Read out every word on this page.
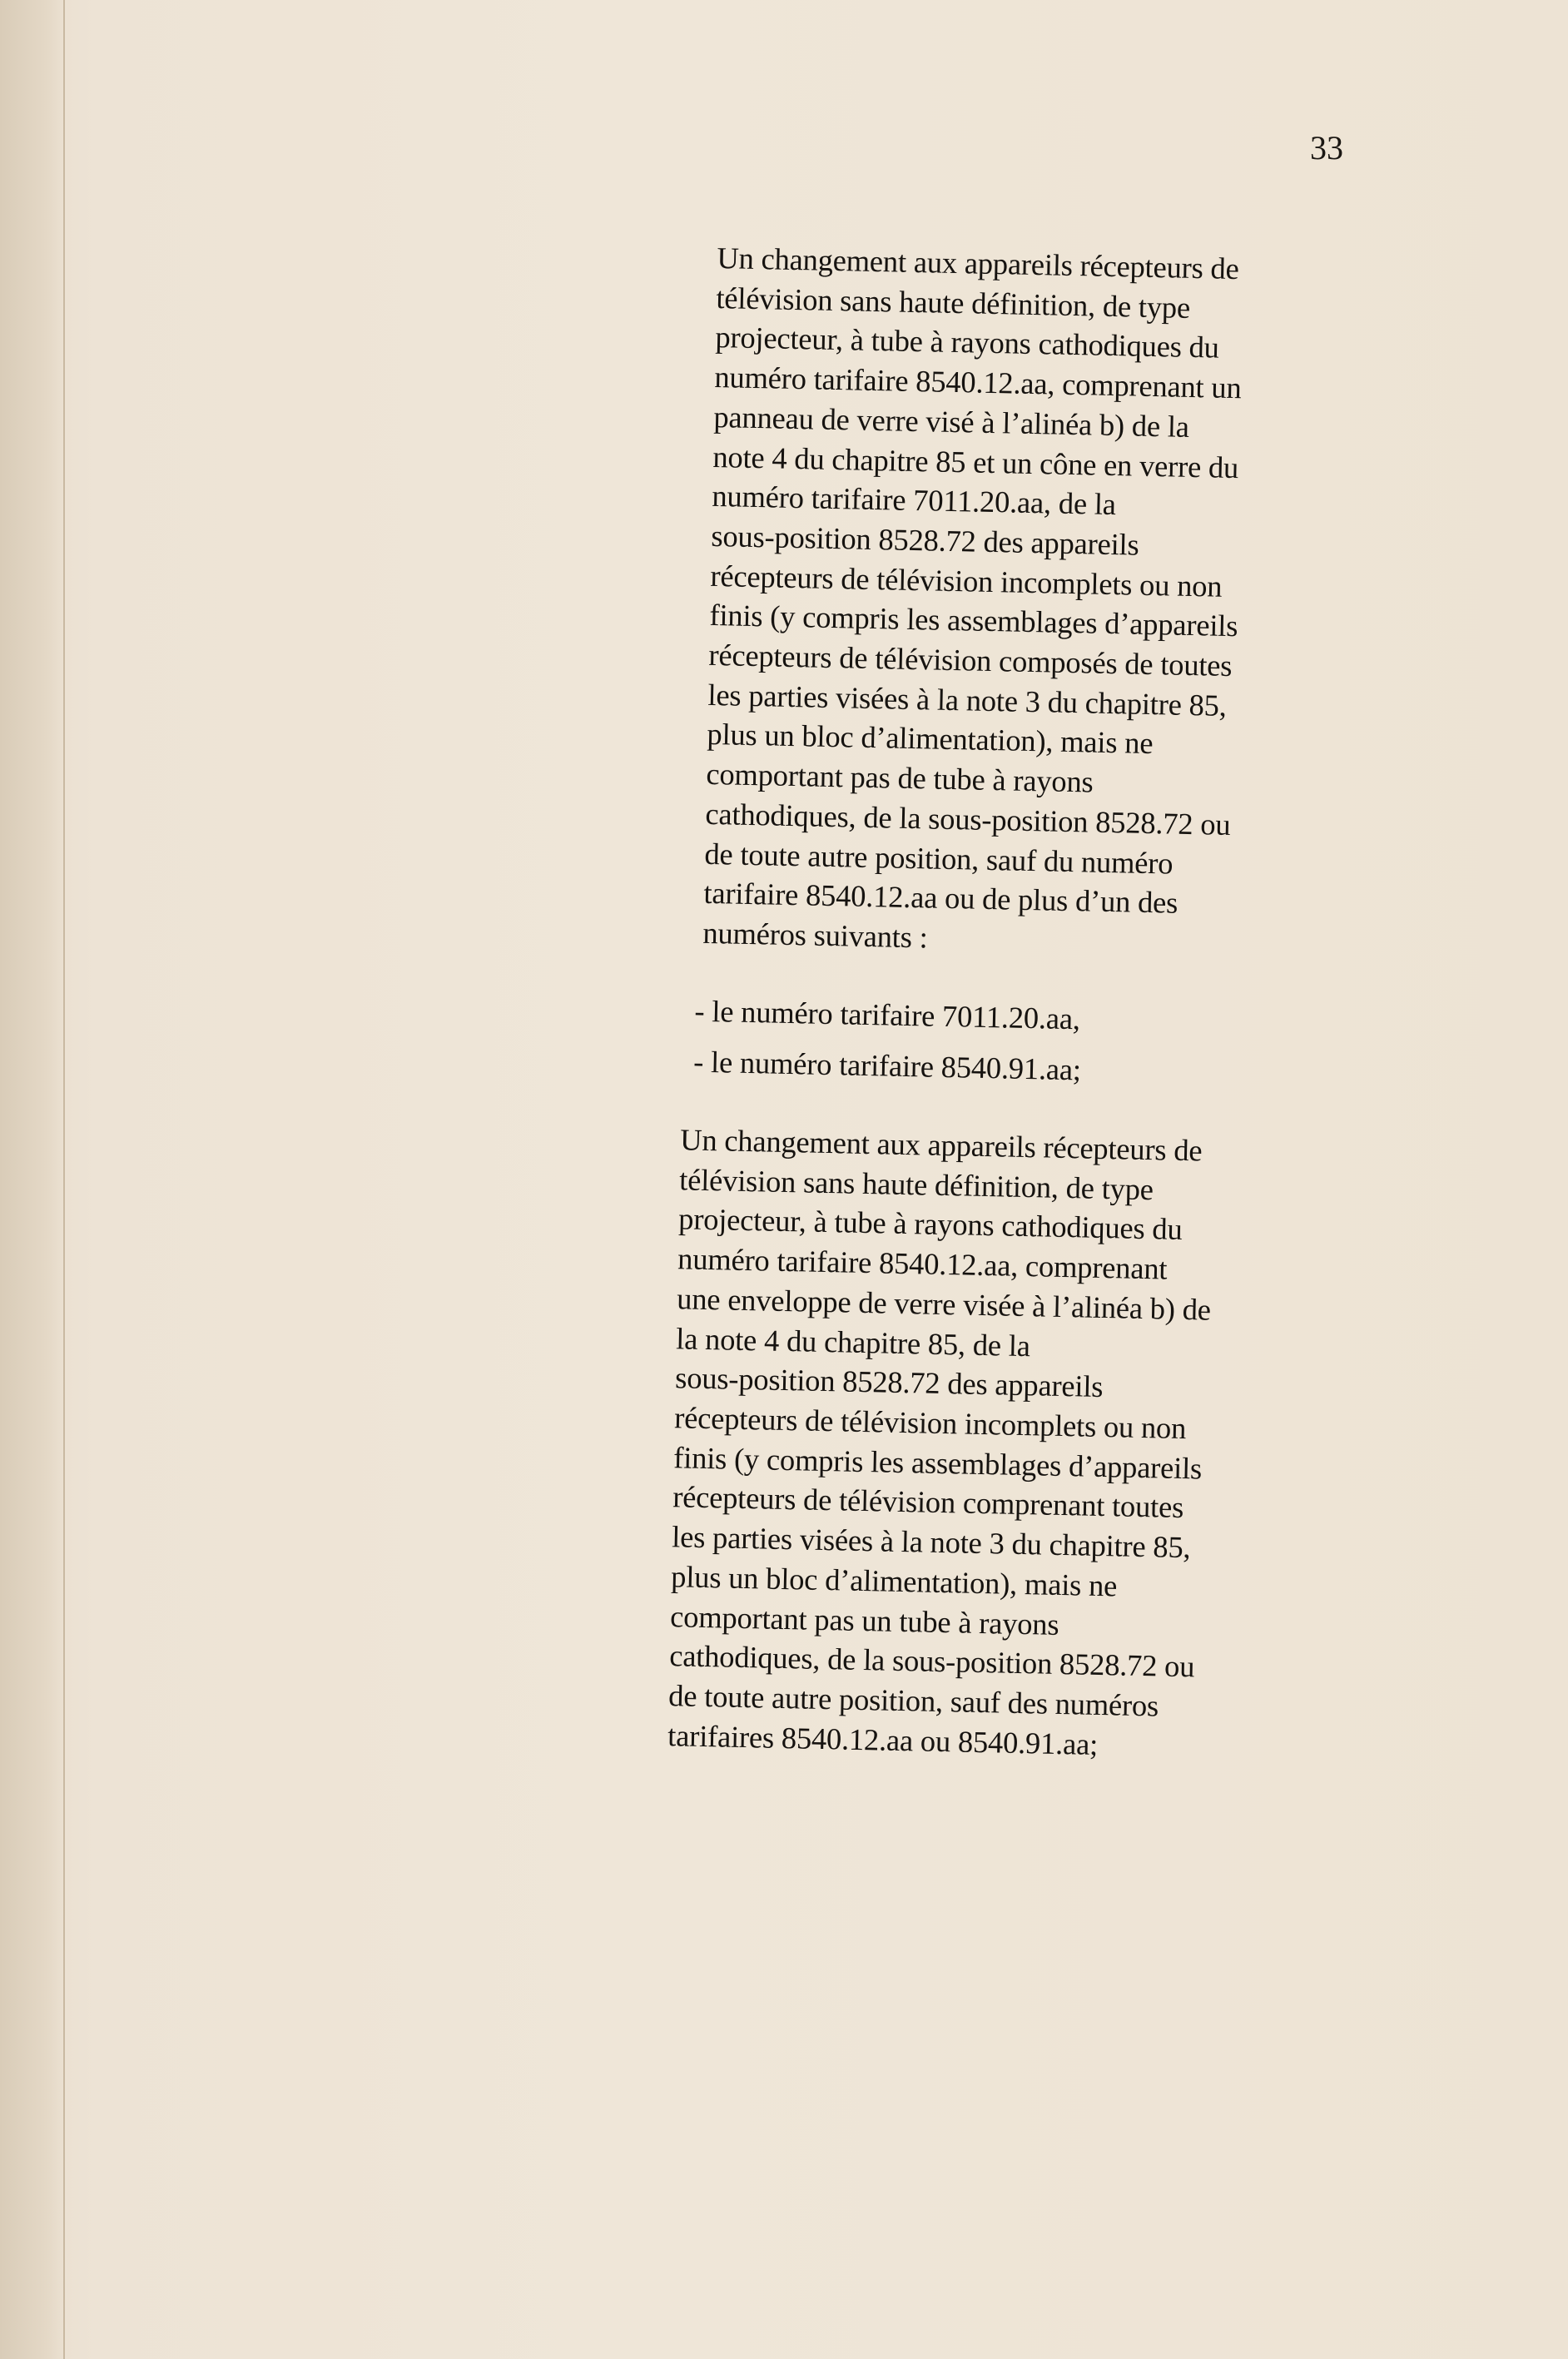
33
Un changement aux appareils récepteurs de
télévision sans haute définition, de type
projecteur, à tube à rayons cathodiques du
numéro tarifaire 8540.12.aa, comprenant un
panneau de verre visé à l’alinéa b) de la
note 4 du chapitre 85 et un cône en verre du
numéro tarifaire 7011.20.aa, de la
sous-position 8528.72 des appareils
récepteurs de télévision incomplets ou non
finis (y compris les assemblages d’appareils
récepteurs de télévision composés de toutes
les parties visées à la note 3 du chapitre 85,
plus un bloc d’alimentation), mais ne
comportant pas de tube à rayons
cathodiques, de la sous-position 8528.72 ou
de toute autre position, sauf du numéro
tarifaire 8540.12.aa ou de plus d’un des
numéros suivants :
- le numéro tarifaire 7011.20.aa,
- le numéro tarifaire 8540.91.aa;
Un changement aux appareils récepteurs de
télévision sans haute définition, de type
projecteur, à tube à rayons cathodiques du
numéro tarifaire 8540.12.aa, comprenant
une enveloppe de verre visée à l’alinéa b) de
la note 4 du chapitre 85, de la
sous-position 8528.72 des appareils
récepteurs de télévision incomplets ou non
finis (y compris les assemblages d’appareils
récepteurs de télévision comprenant toutes
les parties visées à la note 3 du chapitre 85,
plus un bloc d’alimentation), mais ne
comportant pas un tube à rayons
cathodiques, de la sous-position 8528.72 ou
de toute autre position, sauf des numéros
tarifaires 8540.12.aa ou 8540.91.aa;
